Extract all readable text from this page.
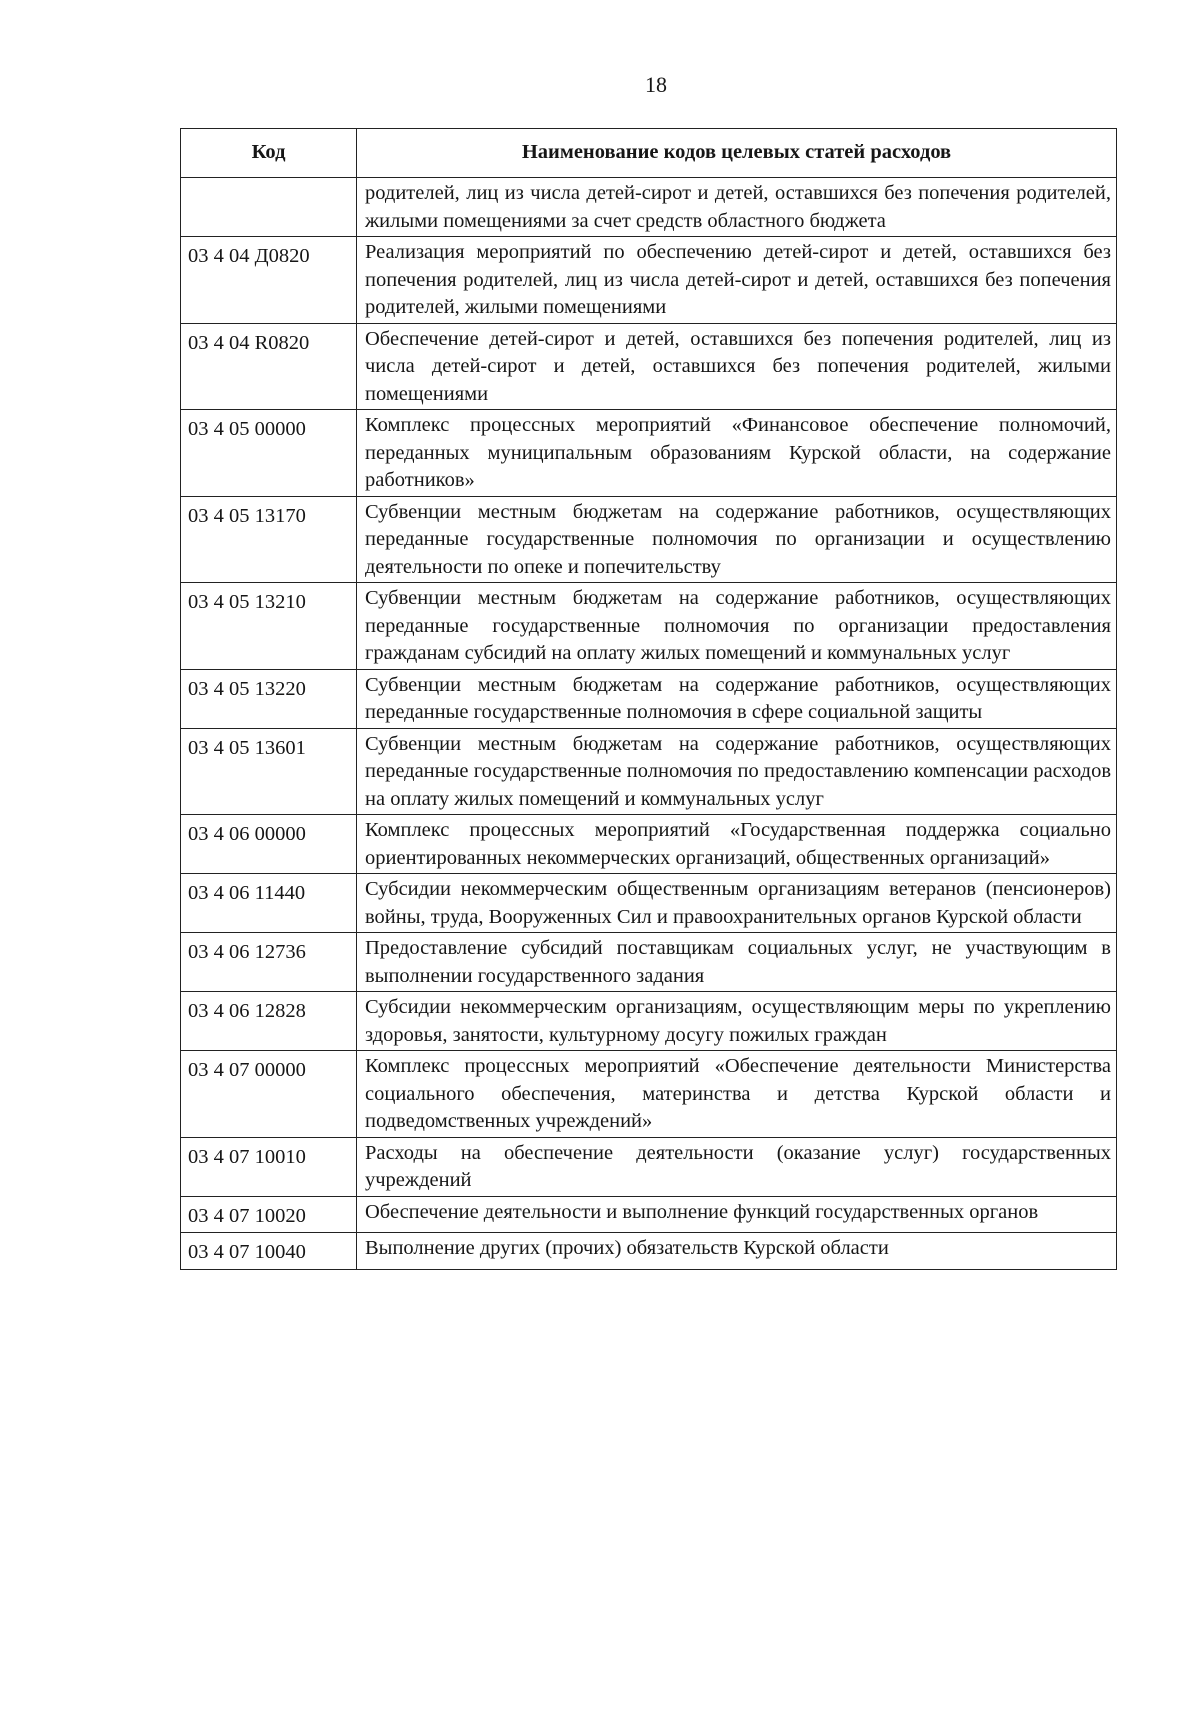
18
Код	Наименование кодов целевых статей расходов
	родителей, лиц из числа детей-сирот и детей, оставшихся без попечения родителей, жилыми помещениями за счет средств областного бюджета
03 4 04 Д0820	Реализация мероприятий по обеспечению детей-сирот и детей, оставшихся без попечения родителей, лиц из числа детей-сирот и детей, оставшихся без попечения родителей, жилыми помещениями
03 4 04 R0820	Обеспечение детей-сирот и детей, оставшихся без попечения родителей, лиц из числа детей-сирот и детей, оставшихся без попечения родителей, жилыми помещениями
03 4 05 00000	Комплекс процессных мероприятий «Финансовое обеспечение полномочий, переданных муниципальным образованиям Курской области, на содержание работников»
03 4 05 13170	Субвенции местным бюджетам на содержание работников, осуществляющих переданные государственные полномочия по организации и осуществлению деятельности по опеке и попечительству
03 4 05 13210	Субвенции местным бюджетам на содержание работников, осуществляющих переданные государственные полномочия по организации предоставления гражданам субсидий на оплату жилых помещений и коммунальных услуг
03 4 05 13220	Субвенции местным бюджетам на содержание работников, осуществляющих переданные государственные полномочия в сфере социальной защиты
03 4 05 13601	Субвенции местным бюджетам на содержание работников, осуществляющих переданные государственные полномочия по предоставлению компенсации расходов на оплату жилых помещений и коммунальных услуг
03 4 06 00000	Комплекс процессных мероприятий «Государственная поддержка социально ориентированных некоммерческих организаций, общественных организаций»
03 4 06 11440	Субсидии некоммерческим общественным организациям ветеранов (пенсионеров) войны, труда, Вооруженных Сил и правоохранительных органов Курской области
03 4 06 12736	Предоставление субсидий поставщикам социальных услуг, не участвующим в выполнении государственного задания
03 4 06 12828	Субсидии некоммерческим организациям, осуществляющим меры по укреплению здоровья, занятости, культурному досугу пожилых граждан
03 4 07 00000	Комплекс процессных мероприятий «Обеспечение деятельности Министерства социального обеспечения, материнства и детства Курской области и подведомственных учреждений»
03 4 07 10010	Расходы на обеспечение деятельности (оказание услуг) государственных учреждений
03 4 07 10020	Обеспечение деятельности и выполнение функций государственных органов
03 4 07 10040	Выполнение других (прочих) обязательств Курской области
